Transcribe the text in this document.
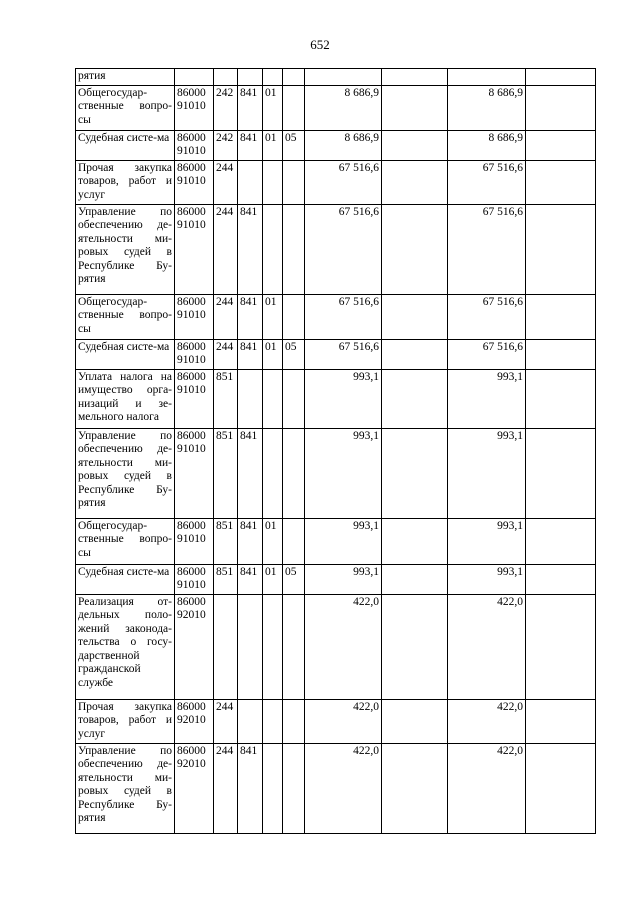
652
рятия									
Общегосудар-ственные вопро-сы	8600091010	242	841	01		8 686,9		8 686,9	
Судебная систе-ма	8600091010	242	841	01	05	8 686,9		8 686,9	
Прочая закупка товаров, работ и услуг	8600091010	244				67 516,6		67 516,6	
Управление по обеспечению де-ятельности ми-ровых судей в Республике Бу-рятия	8600091010	244	841			67 516,6		67 516,6	
Общегосудар-ственные вопро-сы	8600091010	244	841	01		67 516,6		67 516,6	
Судебная систе-ма	8600091010	244	841	01	05	67 516,6		67 516,6	
Уплата налога на имущество орга-низаций и зе-мельного налога	8600091010	851				993,1		993,1	
Управление по обеспечению де-ятельности ми-ровых судей в Республике Бу-рятия	8600091010	851	841			993,1		993,1	
Общегосудар-ственные вопро-сы	8600091010	851	841	01		993,1		993,1	
Судебная систе-ма	8600091010	851	841	01	05	993,1		993,1	
Реализация от-дельных поло-жений законода-тельства о госу-дарственной гражданской службе	8600092010					422,0		422,0	
Прочая закупка товаров, работ и услуг	8600092010	244				422,0		422,0	
Управление по обеспечению де-ятельности ми-ровых судей в Республике Бу-рятия	8600092010	244	841			422,0		422,0	
